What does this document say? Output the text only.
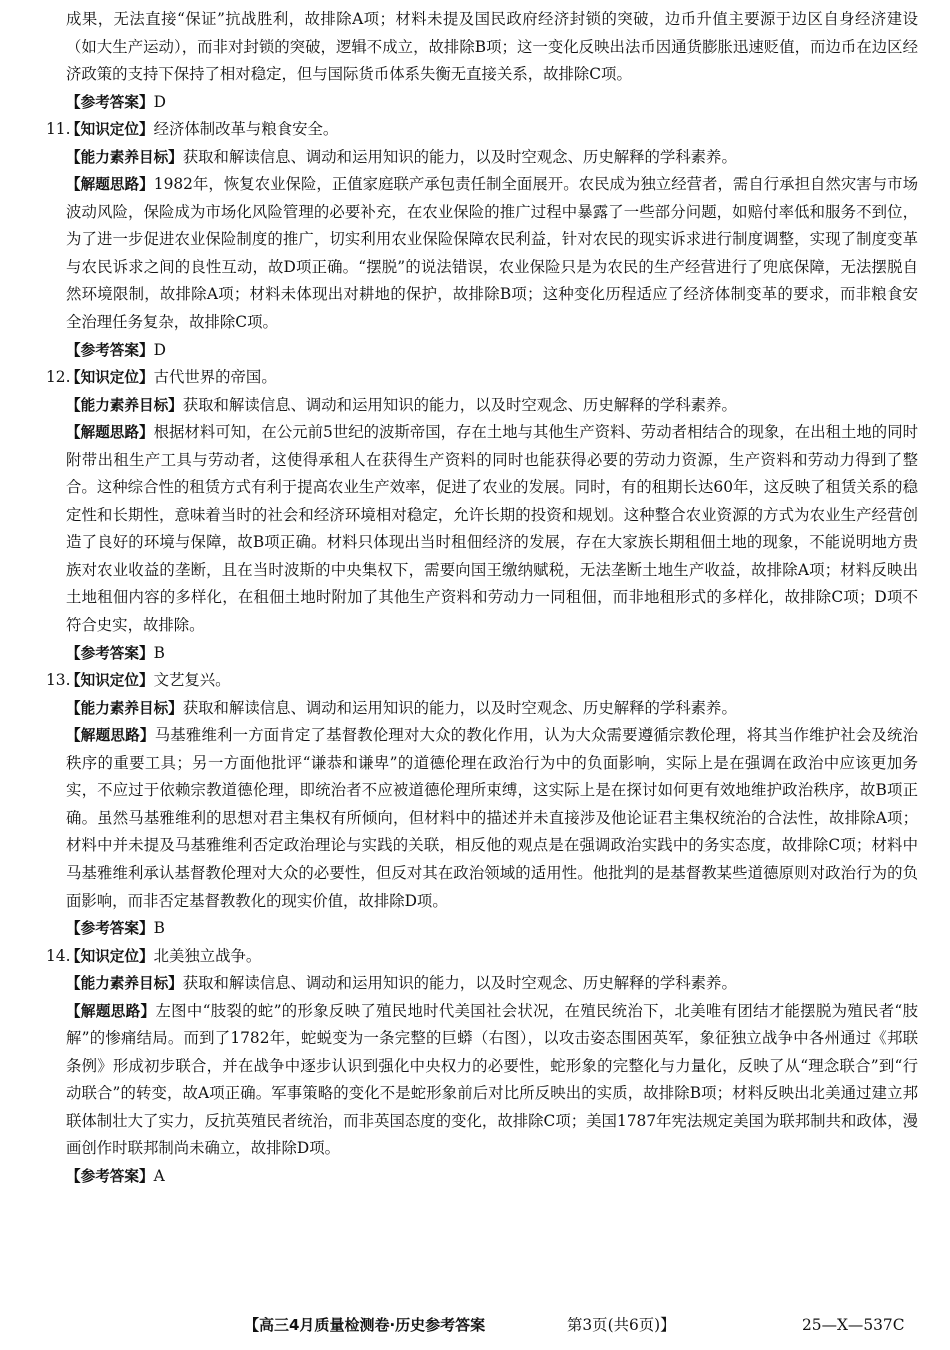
成果，无法直接“保证”抗战胜利，故排除A项；材料未提及国民政府经济封锁的突破，边币升值主要源于边区自身经济建设（如大生产运动），而非对封锁的突破，逻辑不成立，故排除B项；这一变化反映出法币因通货膨胀迅速贬值，而边币在边区经济政策的支持下保持了相对稳定，但与国际货币体系失衡无直接关系，故排除C项。

【参考答案】D

11.

【知识定位】经济体制改革与粮食安全。

【能力素养目标】获取和解读信息、调动和运用知识的能力，以及时空观念、历史解释的学科素养。

【解题思路】1982年，恢复农业保险，正值家庭联产承包责任制全面展开。农民成为独立经营者，需自行承担自然灾害与市场波动风险，保险成为市场化风险管理的必要补充，在农业保险的推广过程中暴露了一些部分问题，如赔付率低和服务不到位，为了进一步促进农业保险制度的推广，切实利用农业保险保障农民利益，针对农民的现实诉求进行制度调整，实现了制度变革与农民诉求之间的良性互动，故D项正确。“摆脱”的说法错误，农业保险只是为农民的生产经营进行了兜底保障，无法摆脱自然环境限制，故排除A项；材料未体现出对耕地的保护，故排除B项；这种变化历程适应了经济体制变革的要求，而非粮食安全治理任务复杂，故排除C项。

【参考答案】D

12.

【知识定位】古代世界的帝国。

【能力素养目标】获取和解读信息、调动和运用知识的能力，以及时空观念、历史解释的学科素养。

【解题思路】根据材料可知，在公元前5世纪的波斯帝国，存在土地与其他生产资料、劳动者相结合的现象，在出租土地的同时附带出租生产工具与劳动者，这使得承租人在获得生产资料的同时也能获得必要的劳动力资源，生产资料和劳动力得到了整合。这种综合性的租赁方式有利于提高农业生产效率，促进了农业的发展。同时，有的租期长达60年，这反映了租赁关系的稳定性和长期性，意味着当时的社会和经济环境相对稳定，允许长期的投资和规划。这种整合农业资源的方式为农业生产经营创造了良好的环境与保障，故B项正确。材料只体现出当时租佃经济的发展，存在大家族长期租佃土地的现象，不能说明地方贵族对农业收益的垄断，且在当时波斯的中央集权下，需要向国王缴纳赋税，无法垄断土地生产收益，故排除A项；材料反映出土地租佃内容的多样化，在租佃土地时附加了其他生产资料和劳动力一同租佃，而非地租形式的多样化，故排除C项；D项不符合史实，故排除。

【参考答案】B

13.

【知识定位】文艺复兴。

【能力素养目标】获取和解读信息、调动和运用知识的能力，以及时空观念、历史解释的学科素养。

【解题思路】马基雅维利一方面肯定了基督教伦理对大众的教化作用，认为大众需要遵循宗教伦理，将其当作维护社会及统治秩序的重要工具；另一方面他批评“谦恭和谦卑”的道德伦理在政治行为中的负面影响，实际上是在强调在政治中应该更加务实，不应过于依赖宗教道德伦理，即统治者不应被道德伦理所束缚，这实际上是在探讨如何更有效地维护政治秩序，故B项正确。虽然马基雅维利的思想对君主集权有所倾向，但材料中的描述并未直接涉及他论证君主集权统治的合法性，故排除A项；材料中并未提及马基雅维利否定政治理论与实践的关联，相反他的观点是在强调政治实践中的务实态度，故排除C项；材料中马基雅维利承认基督教伦理对大众的必要性，但反对其在政治领域的适用性。他批判的是基督教某些道德原则对政治行为的负面影响，而非否定基督教教化的现实价值，故排除D项。

【参考答案】B

14.

【知识定位】北美独立战争。

【能力素养目标】获取和解读信息、调动和运用知识的能力，以及时空观念、历史解释的学科素养。

【解题思路】左图中“肢裂的蛇”的形象反映了殖民地时代美国社会状况，在殖民统治下，北美唯有团结才能摆脱为殖民者“肢解”的惨痛结局。而到了1782年，蛇蜕变为一条完整的巨蟒（右图），以攻击姿态围困英军，象征独立战争中各州通过《邦联条例》形成初步联合，并在战争中逐步认识到强化中央权力的必要性，蛇形象的完整化与力量化，反映了从“理念联合”到“行动联合”的转变，故A项正确。军事策略的变化不是蛇形象前后对比所反映出的实质，故排除B项；材料反映出北美通过建立邦联体制壮大了实力，反抗英殖民者统治，而非英国态度的变化，故排除C项；美国1787年宪法规定美国为联邦制共和政体，漫画创作时联邦制尚未确立，故排除D项。

【参考答案】A

【高三4月质量检测卷·历史参考答案	第3页(共6页)】	25—X—537C
